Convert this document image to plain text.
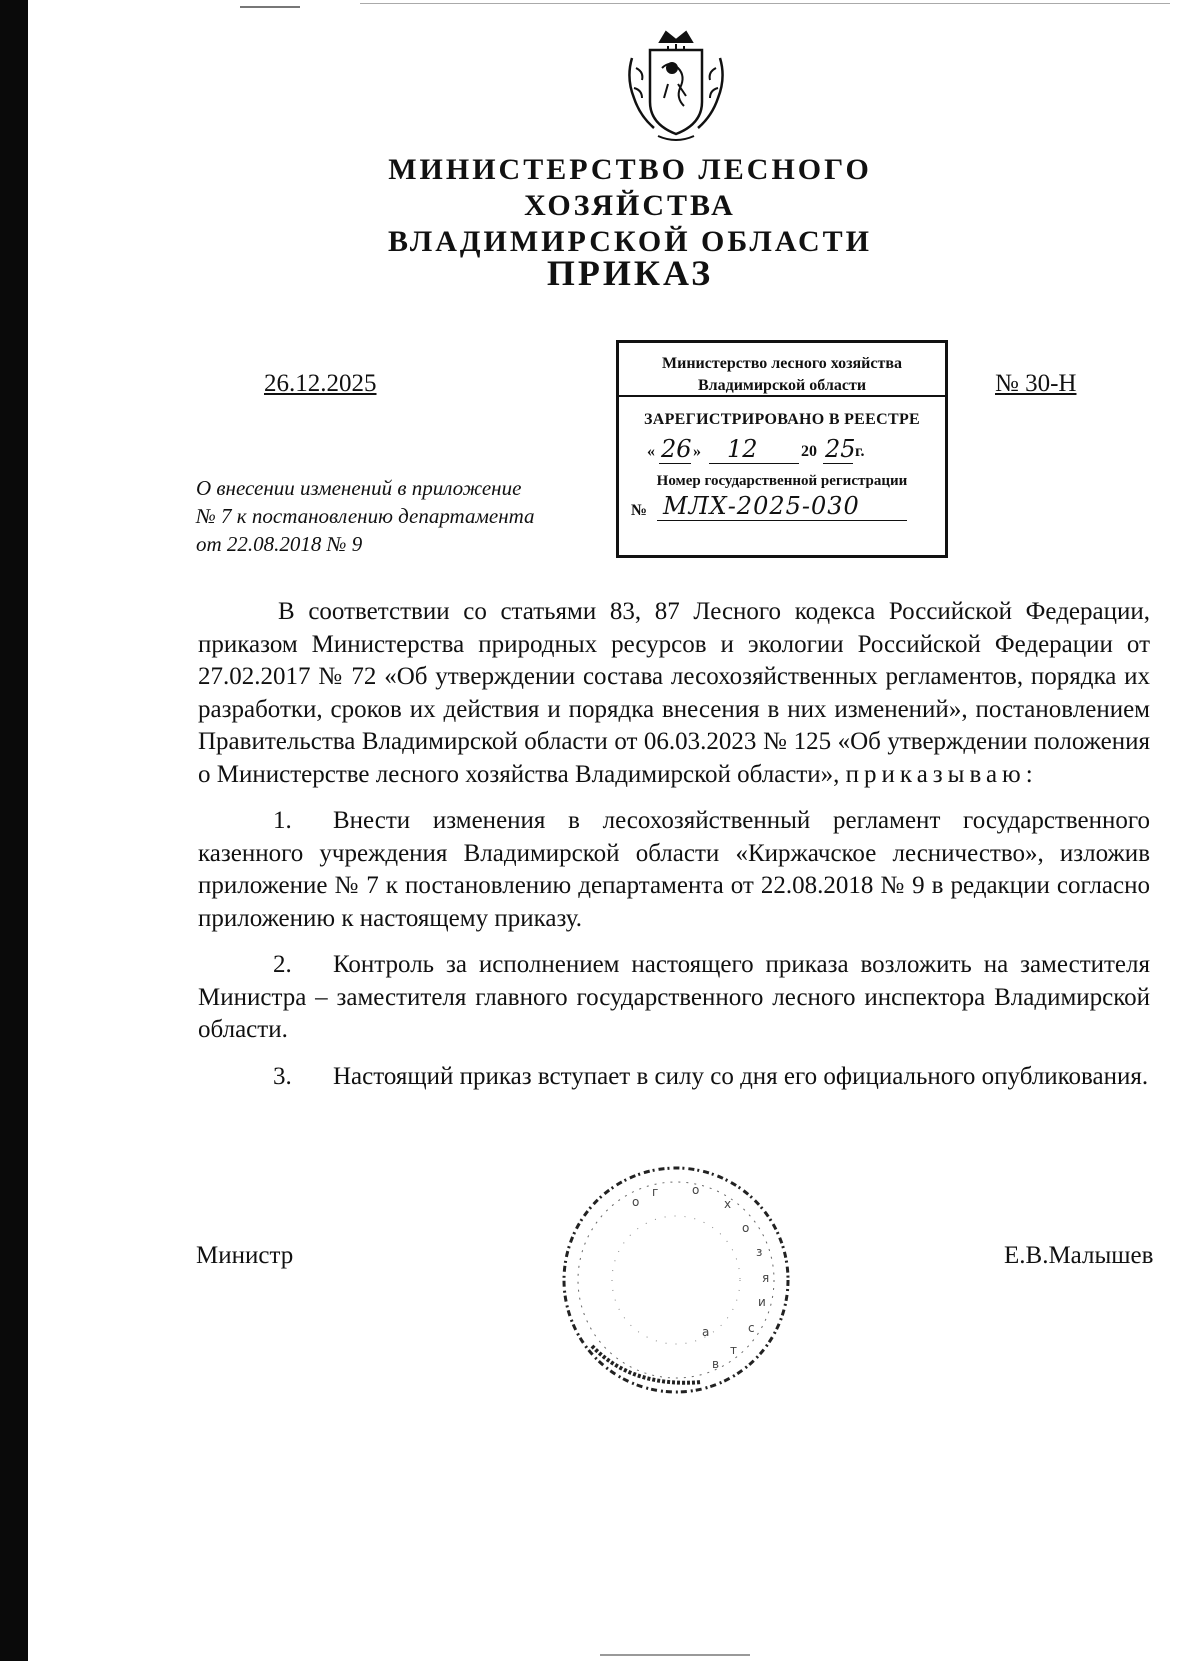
МИНИСТЕРСТВО ЛЕСНОГО ХОЗЯЙСТВА
ВЛАДИМИРСКОЙ ОБЛАСТИ
ПРИКАЗ
26.12.2025	№ 30-Н
Министерство лесного хозяйства
Владимирской области
ЗАРЕГИСТРИРОВАНО В РЕЕСТРЕ
« 26 » 12	20 25 г.
Номер государственной регистрации
№ МЛХ-2025-030
О внесении изменений в приложение
№ 7 к постановлению департамента
от 22.08.2018 № 9

В соответствии со статьями 83, 87 Лесного кодекса Российской Федерации, приказом Министерства природных ресурсов и экологии Российской Федерации от 27.02.2017 № 72 «Об утверждении состава лесохозяйственных регламентов, порядка их разработки, сроков их действия и порядка внесения в них изменений», постановлением Правительства Владимирской области от 06.03.2023 № 125 «Об утверждении положения о Министерстве лесного хозяйства Владимирской области», приказываю:

1. Внести изменения в лесохозяйственный регламент государственного казенного учреждения Владимирской области «Киржачское лесничество», изложив приложение № 7 к постановлению департамента от 22.08.2018 № 9 в редакции согласно приложению к настоящему приказу.

2. Контроль за исполнением настоящего приказа возложить на заместителя Министра – заместителя главного государственного лесного инспектора Владимирской области.

3. Настоящий приказ вступает в силу со дня его официального опубликования.

Министр	Е.В.Малышев
о
г	о
х
о
з
я
и
с
т
в
а
